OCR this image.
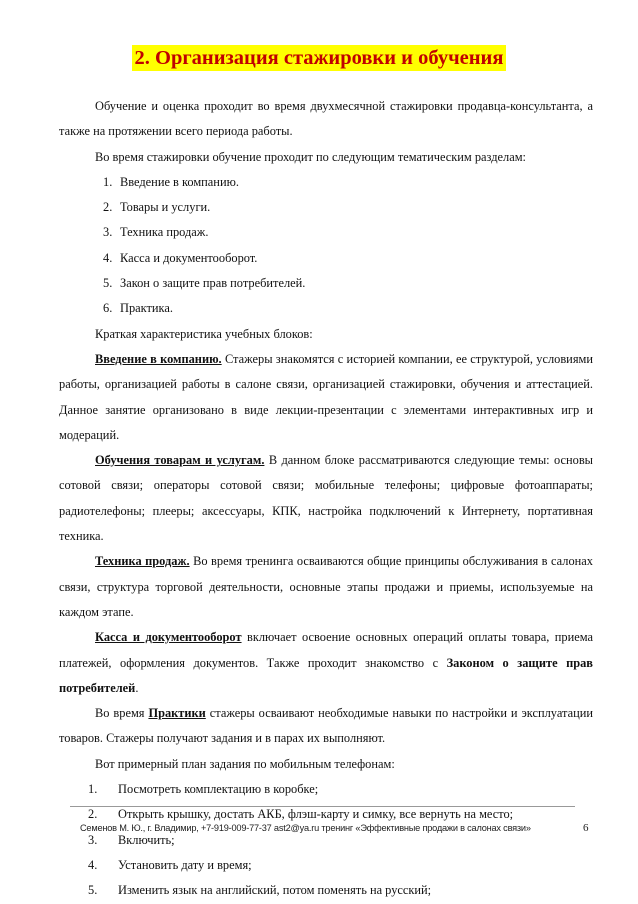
2. Организация стажировки и обучения

Обучение и оценка проходит во время двухмесячной стажировки продавца-консультанта, а также на протяжении всего периода работы.

Во время стажировки обучение проходит по следующим тематическим разделам:

1. Введение в компанию.
2. Товары и услуги.
3. Техника продаж.
4. Касса и документооборот.
5. Закон о защите прав потребителей.
6. Практика.

Краткая характеристика учебных блоков:

Введение в компанию. Стажеры знакомятся с историей компании, ее структурой, условиями работы, организацией работы в салоне связи, организацией стажировки, обучения и аттестацией. Данное занятие организовано в виде лекции-презентации с элементами интерактивных игр и модераций.

Обучения товарам и услугам. В данном блоке рассматриваются следующие темы: основы сотовой связи; операторы сотовой связи; мобильные телефоны; цифровые фотоаппараты; радиотелефоны; плееры; аксессуары, КПК, настройка подключений к Интернету, портативная техника.

Техника продаж. Во время тренинга осваиваются общие принципы обслуживания в салонах связи, структура торговой деятельности, основные этапы продажи и приемы, используемые на каждом этапе.

Касса и документооборот включает освоение основных операций оплаты товара, приема платежей, оформления документов. Также проходит знакомство с Законом о защите прав потребителей.

Во время Практики стажеры осваивают необходимые навыки по настройки и эксплуатации товаров. Стажеры получают задания и в парах их выполняют.

Вот примерный план задания по мобильным телефонам:

1. Посмотреть комплектацию в коробке;
2. Открыть крышку, достать АКБ, флэш-карту и симку, все вернуть на место;
3. Включить;
4. Установить дату и время;
5. Изменить язык на английский, потом поменять на русский;
Семенов М. Ю., г. Владимир, +7-919-009-77-37 ast2@ya.ru тренинг «Эффективные продажи в салонах связи»	6
